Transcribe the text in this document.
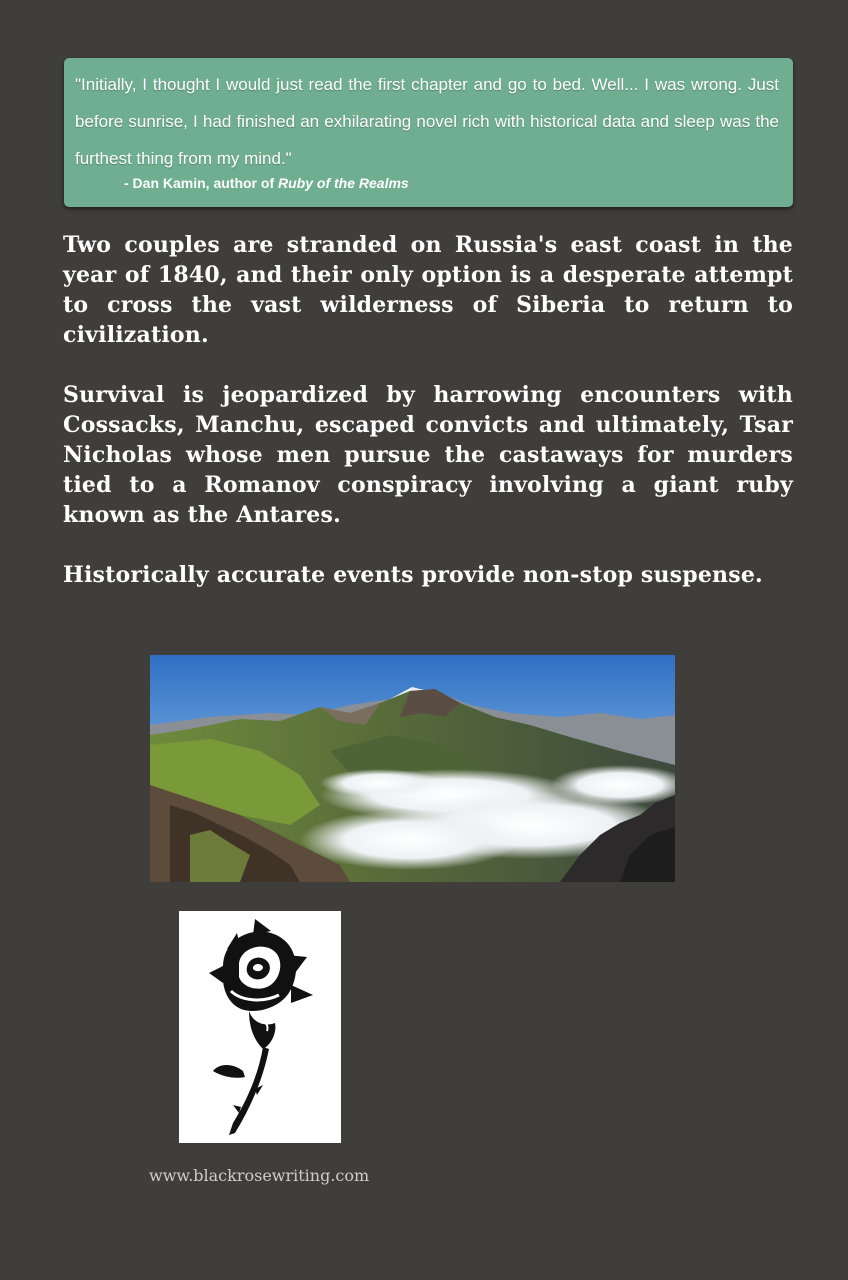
"Initially, I thought I would just read the first chapter and go to bed. Well... I was wrong. Just before sunrise, I had finished an exhilarating novel rich with historical data and sleep was the furthest thing from my mind."

- Dan Kamin, author of Ruby of the Realms

Two couples are stranded on Russia's east coast in the year of 1840, and their only option is a desperate attempt to cross the vast wilderness of Siberia to return to civilization.

Survival is jeopardized by harrowing encounters with Cossacks, Manchu, escaped convicts and ultimately, Tsar Nicholas whose men pursue the castaways for murders tied to a Romanov conspiracy involving a giant ruby known as the Antares.

Historically accurate events provide non-stop suspense.

www.blackrosewriting.com
